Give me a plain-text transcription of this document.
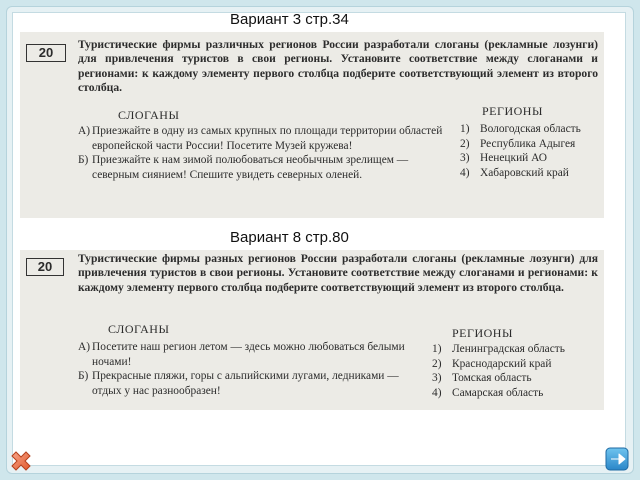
Вариант 3 стр.34
20
Туристические фирмы различных регионов России разработали слоганы (рекламные лозунги) для привлечения туристов в свои регионы. Установите соответствие между слоганами и регионами: к каждому элементу первого столбца подберите соответствующий элемент из второго столбца.
СЛОГАНЫ	РЕГИОНЫ
А) Приезжайте в одну из самых крупных по площади территории областей европейской части России! Посетите Музей кружева!
Б) Приезжайте к нам зимой полюбоваться необычным зрелищем — северным сиянием! Спешите увидеть северных оленей.
1) Вологодская область
2) Республика Адыгея
3) Ненецкий АО
4) Хабаровский край
Вариант 8 стр.80
20
Туристические фирмы разных регионов России разработали слоганы (рекламные лозунги) для привлечения туристов в свои регионы. Установите соответствие между слоганами и регионами: к каждому элементу первого столбца подберите соответствующий элемент из второго столбца.
СЛОГАНЫ	РЕГИОНЫ
А) Посетите наш регион летом — здесь можно любоваться белыми ночами!
Б) Прекрасные пляжи, горы с альпийскими лугами, ледниками — отдых у нас разнообразен!
1) Ленинградская область
2) Краснодарский край
3) Томская область
4) Самарская область
